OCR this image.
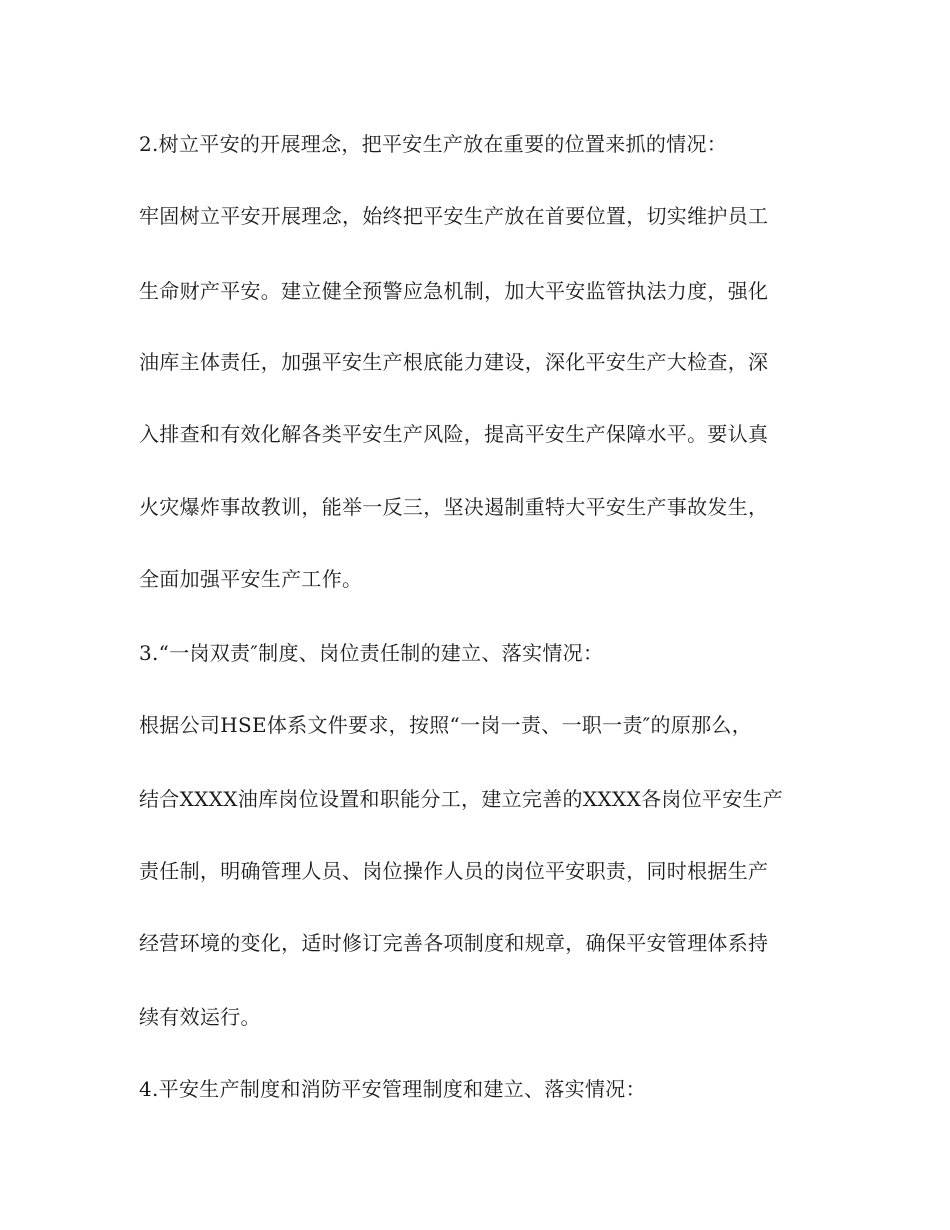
2.树立平安的开展理念，把平安生产放在重要的位置来抓的情况：
牢固树立平安开展理念，始终把平安生产放在首要位置，切实维护员工
生命财产平安。建立健全预警应急机制，加大平安监管执法力度，强化
油库主体责任，加强平安生产根底能力建设，深化平安生产大检查，深
入排查和有效化解各类平安生产风险，提高平安生产保障水平。要认真
火灾爆炸事故教训，能举一反三，坚决遏制重特大平安生产事故发生，
全面加强平安生产工作。
3.“一岗双责″制度、岗位责任制的建立、落实情况：
根据公司HSE体系文件要求，按照“一岗一责、一职一责″的原那么，
结合XXXX油库岗位设置和职能分工，建立完善的XXXX各岗位平安生产
责任制，明确管理人员、岗位操作人员的岗位平安职责，同时根据生产
经营环境的变化，适时修订完善各项制度和规章，确保平安管理体系持
续有效运行。
4.平安生产制度和消防平安管理制度和建立、落实情况：
